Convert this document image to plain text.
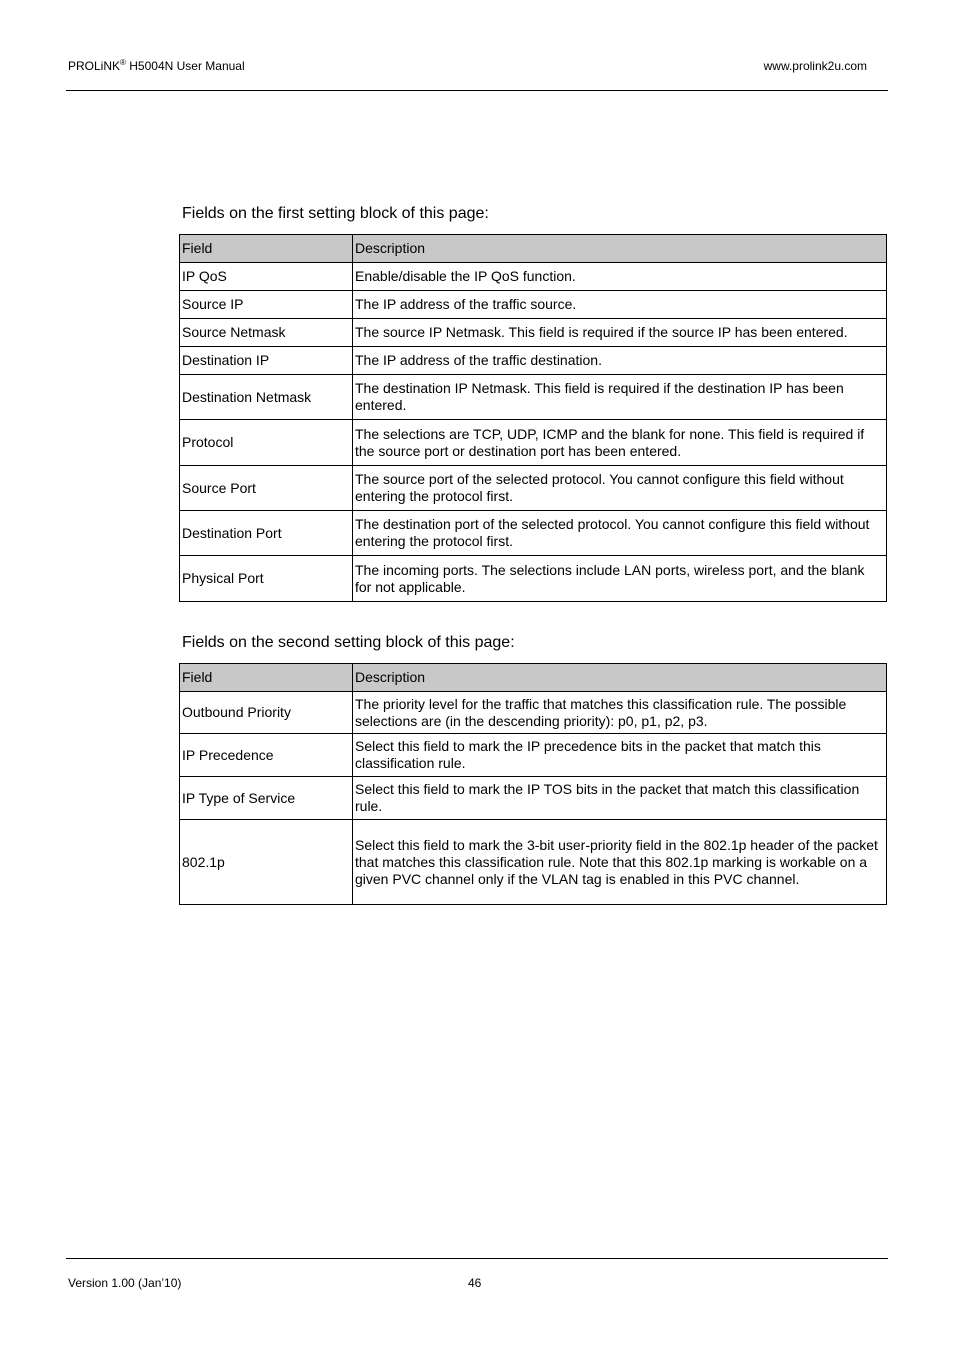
PROLiNK® H5004N User Manual	www.prolink2u.com
Fields on the first setting block of this page:
Field	Description
IP QoS	Enable/disable the IP QoS function.
Source IP	The IP address of the traffic source.
Source Netmask	The source IP Netmask. This field is required if the source IP has been entered.
Destination IP	The IP address of the traffic destination.
Destination Netmask	The destination IP Netmask. This field is required if the destination IP has been entered.
Protocol	The selections are TCP, UDP, ICMP and the blank for none. This field is required if the source port or destination port has been entered.
Source Port	The source port of the selected protocol. You cannot configure this field without entering the protocol first.
Destination Port	The destination port of the selected protocol. You cannot configure this field without entering the protocol first.
Physical Port	The incoming ports. The selections include LAN ports, wireless port, and the blank for not applicable.
Fields on the second setting block of this page:
Field	Description
Outbound Priority	The priority level for the traffic that matches this classification rule. The possible selections are (in the descending priority): p0, p1, p2, p3.
IP Precedence	Select this field to mark the IP precedence bits in the packet that match this classification rule.
IP Type of Service	Select this field to mark the IP TOS bits in the packet that match this classification rule.
802.1p	Select this field to mark the 3-bit user-priority field in the 802.1p header of the packet that matches this classification rule. Note that this 802.1p marking is workable on a given PVC channel only if the VLAN tag is enabled in this PVC channel.
Version 1.00 (Jan’10)	46
